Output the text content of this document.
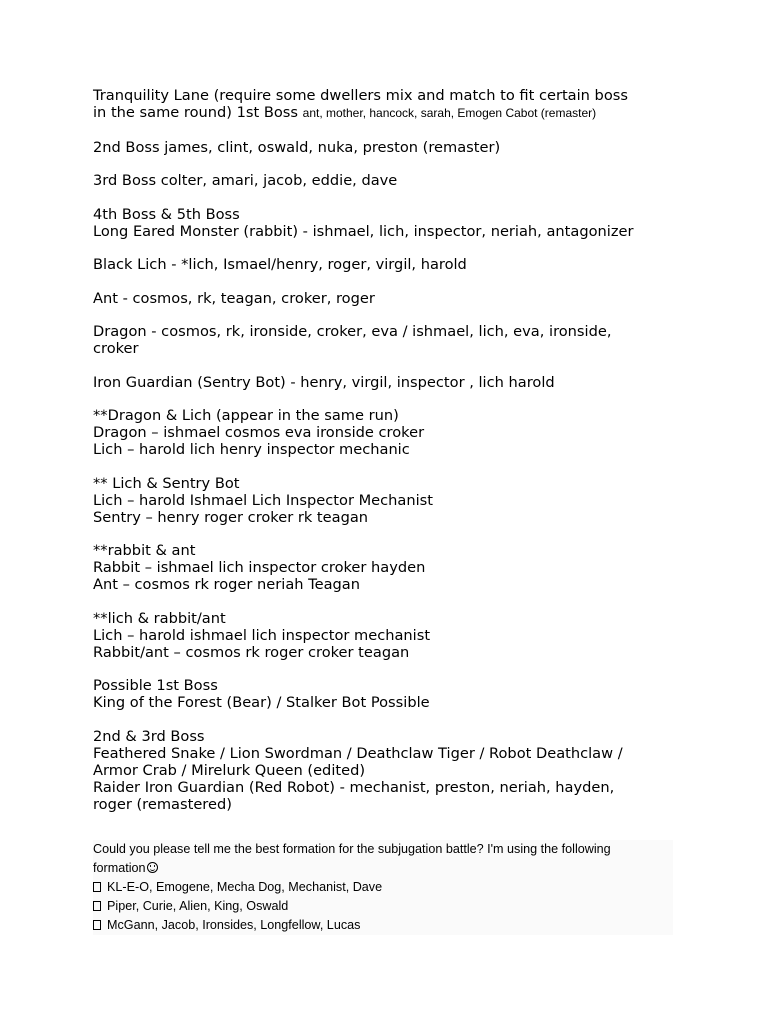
Tranquility Lane (require some dwellers mix and match to fit certain boss
in the same round) 1st Boss ant, mother, hancock, sarah, Emogen Cabot (remaster)
2nd Boss james, clint, oswald, nuka, preston (remaster)
3rd Boss colter, amari, jacob, eddie, dave
4th Boss & 5th Boss
Long Eared Monster (rabbit) - ishmael, lich, inspector, neriah, antagonizer
Black Lich - *lich, Ismael/henry, roger, virgil, harold
Ant - cosmos, rk, teagan, croker, roger
Dragon - cosmos, rk, ironside, croker, eva / ishmael, lich, eva, ironside,
croker
Iron Guardian (Sentry Bot) - henry, virgil, inspector , lich harold
**Dragon & Lich (appear in the same run)
Dragon – ishmael cosmos eva ironside croker
Lich – harold lich henry inspector mechanic
** Lich & Sentry Bot
Lich – harold Ishmael Lich Inspector Mechanist
Sentry – henry roger croker rk teagan
**rabbit & ant
Rabbit – ishmael lich inspector croker hayden
Ant – cosmos rk roger neriah Teagan
**lich & rabbit/ant
Lich – harold ishmael lich inspector mechanist
Rabbit/ant – cosmos rk roger croker teagan
Possible 1st Boss
King of the Forest (Bear) / Stalker Bot Possible
2nd & 3rd Boss
Feathered Snake / Lion Swordman / Deathclaw Tiger / Robot Deathclaw /
Armor Crab / Mirelurk Queen (edited)
Raider Iron Guardian (Red Robot) - mechanist, preston, neriah, hayden,
roger (remastered)
Could you please tell me the best formation for the subjugation battle? I'm using the following
formation
KL-E-O, Emogene, Mecha Dog, Mechanist, Dave
Piper, Curie, Alien, King, Oswald
McGann, Jacob, Ironsides, Longfellow, Lucas
